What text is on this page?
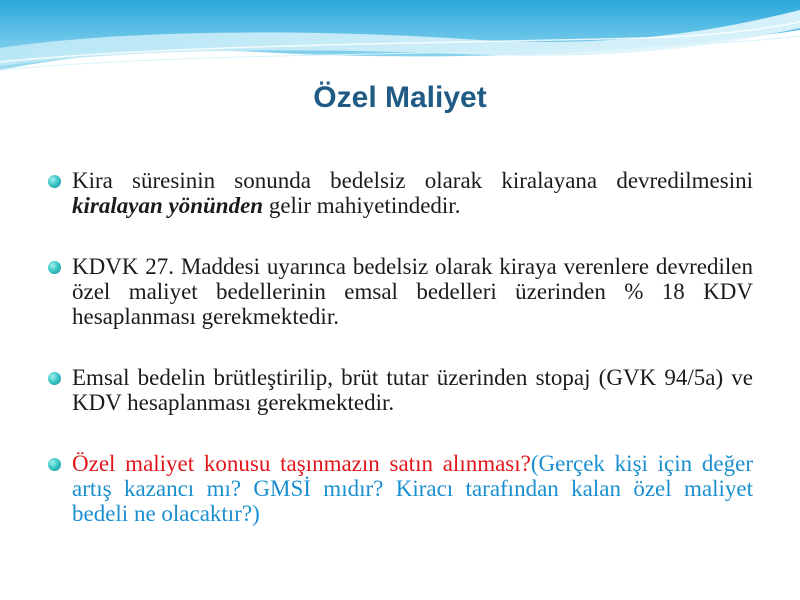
Özel Maliyet
Kira süresinin sonunda bedelsiz olarak kiralayana devredilmesini kiralayan yönünden gelir mahiyetindedir.
KDVK 27. Maddesi uyarınca bedelsiz olarak kiraya verenlere devredilen özel maliyet bedellerinin emsal bedelleri üzerinden % 18 KDV hesaplanması gerekmektedir.
Emsal bedelin brütleştirilip, brüt tutar üzerinden stopaj (GVK 94/5a) ve KDV hesaplanması gerekmektedir.
Özel maliyet konusu taşınmazın satın alınması?(Gerçek kişi için değer artış kazancı mı? GMSİ mıdır? Kiracı tarafından kalan özel maliyet bedeli ne olacaktır?)
